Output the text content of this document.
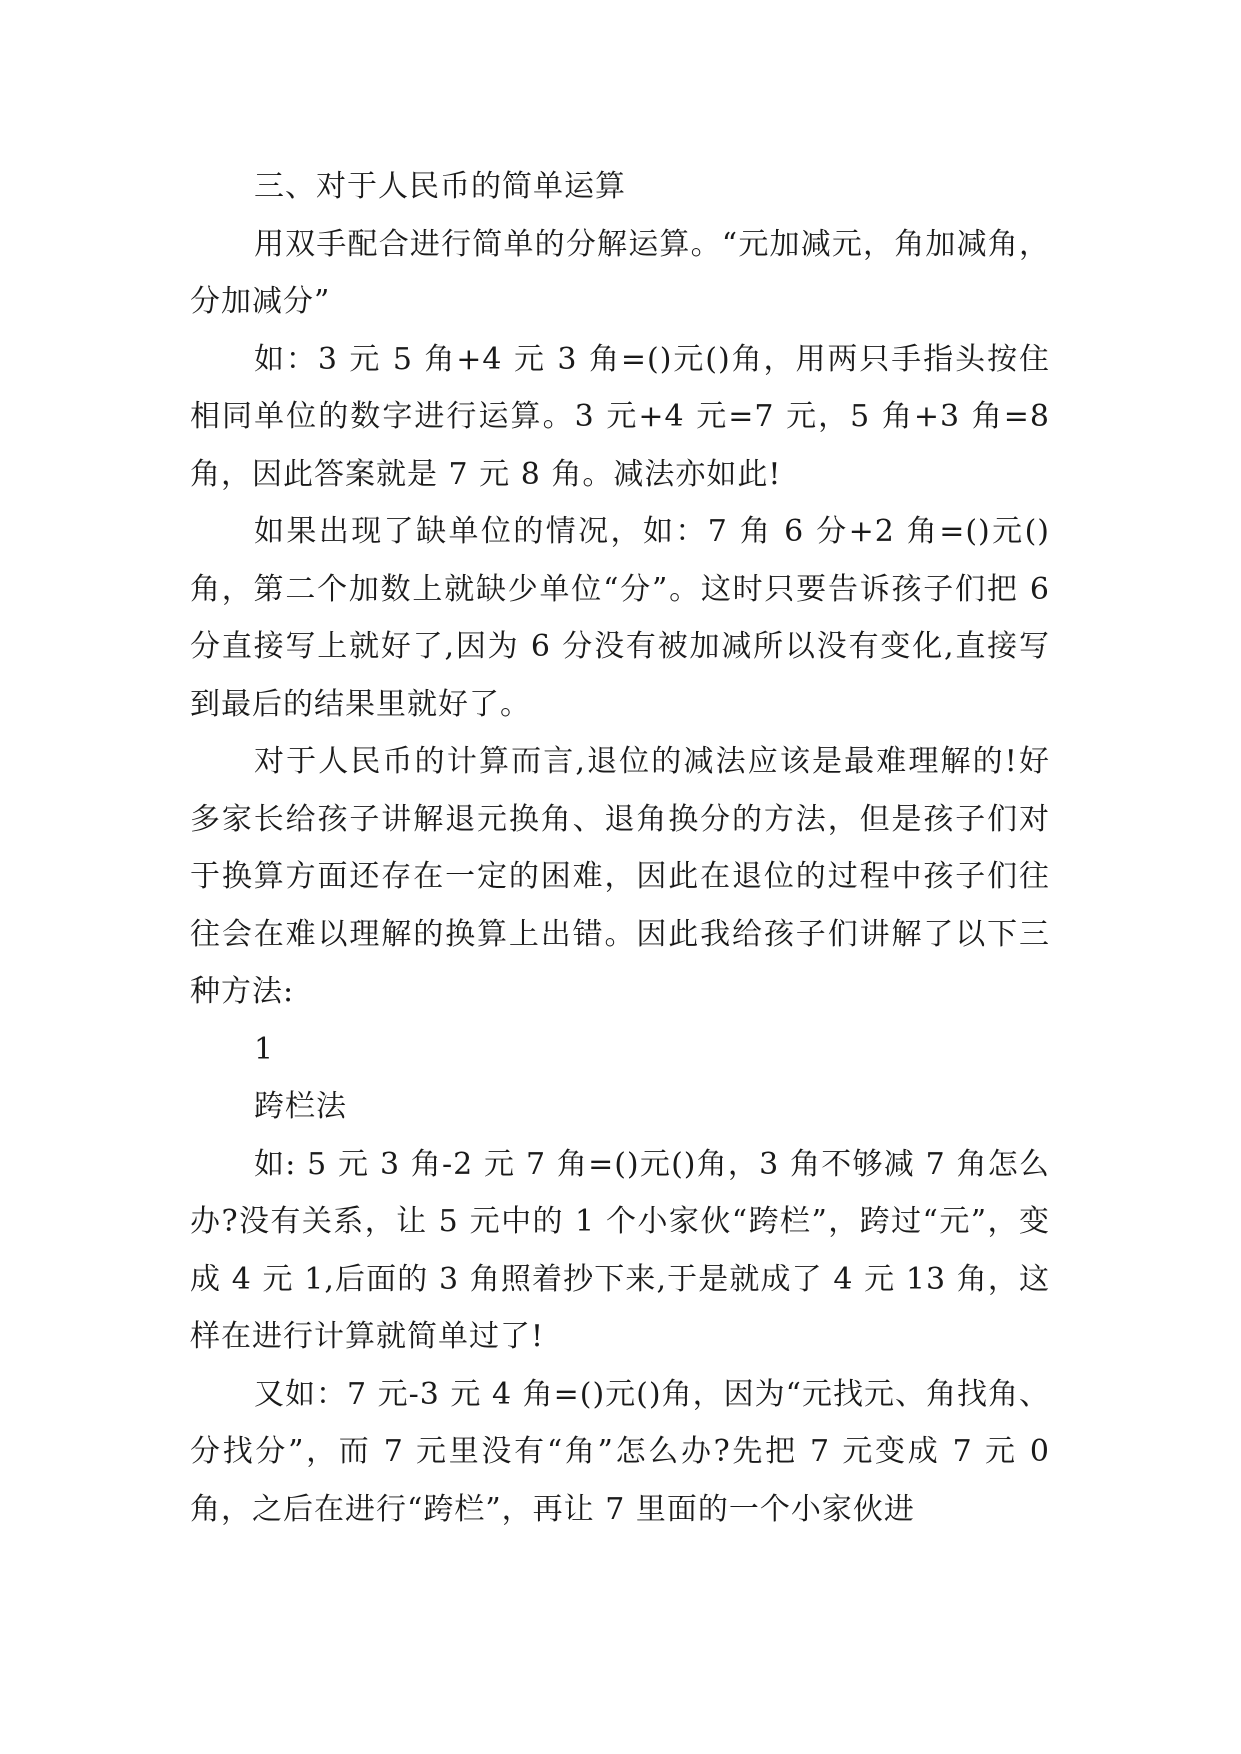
三、对于人民币的简单运算

用双手配合进行简单的分解运算。“元加减元，角加减角，分加减分”

如：3 元 5 角+4 元 3 角=()元()角，用两只手指头按住相同单位的数字进行运算。3 元+4 元=7 元，5 角+3 角=8 角，因此答案就是 7 元 8 角。减法亦如此!

如果出现了缺单位的情况，如：7 角 6 分+2 角=()元()角，第二个加数上就缺少单位“分”。这时只要告诉孩子们把 6 分直接写上就好了,因为 6 分没有被加减所以没有变化,直接写到最后的结果里就好了。

对于人民币的计算而言,退位的减法应该是最难理解的!好多家长给孩子讲解退元换角、退角换分的方法，但是孩子们对于换算方面还存在一定的困难，因此在退位的过程中孩子们往往会在难以理解的换算上出错。因此我给孩子们讲解了以下三种方法:

1

跨栏法

如: 5 元 3 角-2 元 7 角=()元()角，3 角不够减 7 角怎么办?没有关系，让 5 元中的 1 个小家伙“跨栏”，跨过“元”，变成 4 元 1,后面的 3 角照着抄下来,于是就成了 4 元 13 角，这样在进行计算就简单过了!

又如：7 元-3 元 4 角=()元()角，因为“元找元、角找角、分找分”，而 7 元里没有“角”怎么办?先把 7 元变成 7 元 0 角，之后在进行“跨栏”，再让 7 里面的一个小家伙进
